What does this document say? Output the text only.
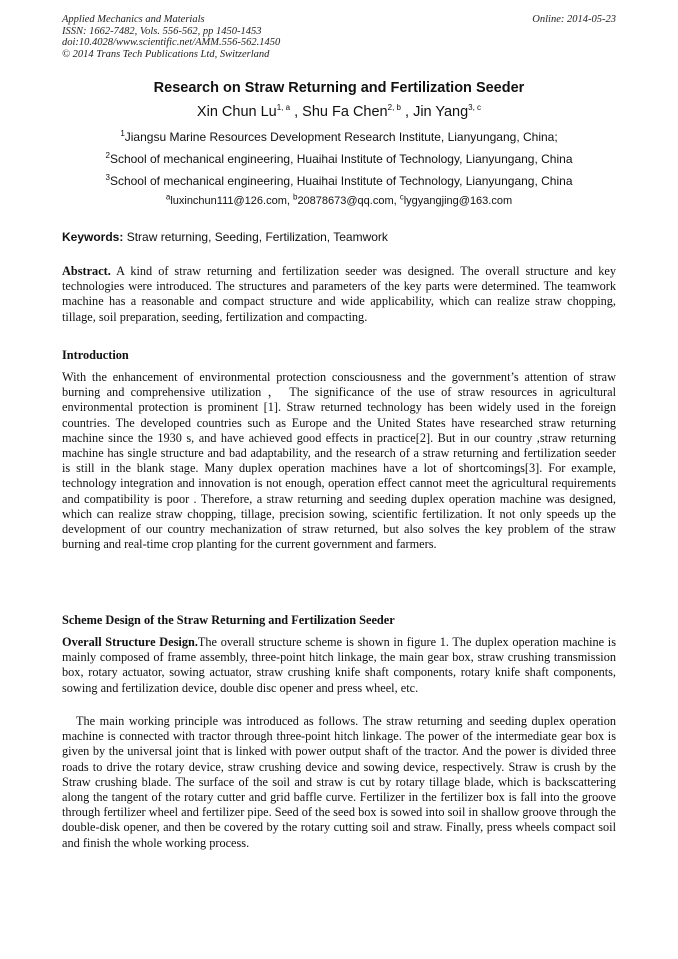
Applied Mechanics and Materials
ISSN: 1662-7482, Vols. 556-562, pp 1450-1453
doi:10.4028/www.scientific.net/AMM.556-562.1450
© 2014 Trans Tech Publications Ltd, Switzerland
Online: 2014-05-23
Research on Straw Returning and Fertilization Seeder
Xin Chun Lu$^{1, a}$ , Shu Fa Chen$^{2, b}$ , Jin Yang$^{3, c}$
$^1$Jiangsu Marine Resources Development Research Institute, Lianyungang, China;
$^2$School of mechanical engineering, Huaihai Institute of Technology, Lianyungang, China
$^3$School of mechanical engineering, Huaihai Institute of Technology, Lianyungang, China
$^a$luxinchun111@126.com, $^b$20878673@qq.com, $^c$lygyangjing@163.com
Keywords: Straw returning, Seeding, Fertilization, Teamwork
Abstract. A kind of straw returning and fertilization seeder was designed. The overall structure and key technologies were introduced. The structures and parameters of the key parts were determined. The teamwork machine has a reasonable and compact structure and wide applicability, which can realize straw chopping, tillage, soil preparation, seeding, fertilization and compacting.
Introduction
With the enhancement of environmental protection consciousness and the government’s attention of straw burning and comprehensive utilization ， The significance of the use of straw resources in agricultural environmental protection is prominent [1]. Straw returned technology has been widely used in the foreign countries. The developed countries such as Europe and the United States have researched straw returning machine since the 1930 s, and have achieved good effects in practice[2]. But in our country ,straw returning machine has single structure and bad adaptability, and the research of a straw returning and fertilization seeder is still in the blank stage. Many duplex operation machines have a lot of shortcomings[3]. For example, technology integration and innovation is not enough, operation effect cannot meet the agricultural requirements and compatibility is poor . Therefore, a straw returning and seeding duplex operation machine was designed, which can realize straw chopping, tillage, precision sowing, scientific fertilization. It not only speeds up the development of our country mechanization of straw returned, but also solves the key problem of the straw burning and real-time crop planting for the current government and farmers.
Scheme Design of the Straw Returning and Fertilization Seeder
Overall Structure Design.The overall structure scheme is shown in figure 1. The duplex operation machine is mainly composed of frame assembly, three-point hitch linkage, the main gear box, straw crushing transmission box, rotary actuator, sowing actuator, straw crushing knife shaft components, rotary knife shaft components, sowing and fertilization device, double disc opener and press wheel, etc.
The main working principle was introduced as follows. The straw returning and seeding duplex operation machine is connected with tractor through three-point hitch linkage. The power of the intermediate gear box is given by the universal joint that is linked with power output shaft of the tractor. And the power is divided three roads to drive the rotary device, straw crushing device and sowing device, respectively. Straw is crush by the Straw crushing blade. The surface of the soil and straw is cut by rotary tillage blade, which is backscattering along the tangent of the rotary cutter and grid baffle curve. Fertilizer in the fertilizer box is fall into the groove through fertilizer wheel and fertilizer pipe. Seed of the seed box is sowed into soil in shallow groove through the double-disk opener, and then be covered by the rotary cutting soil and straw. Finally, press wheels compact soil and finish the whole working process.
